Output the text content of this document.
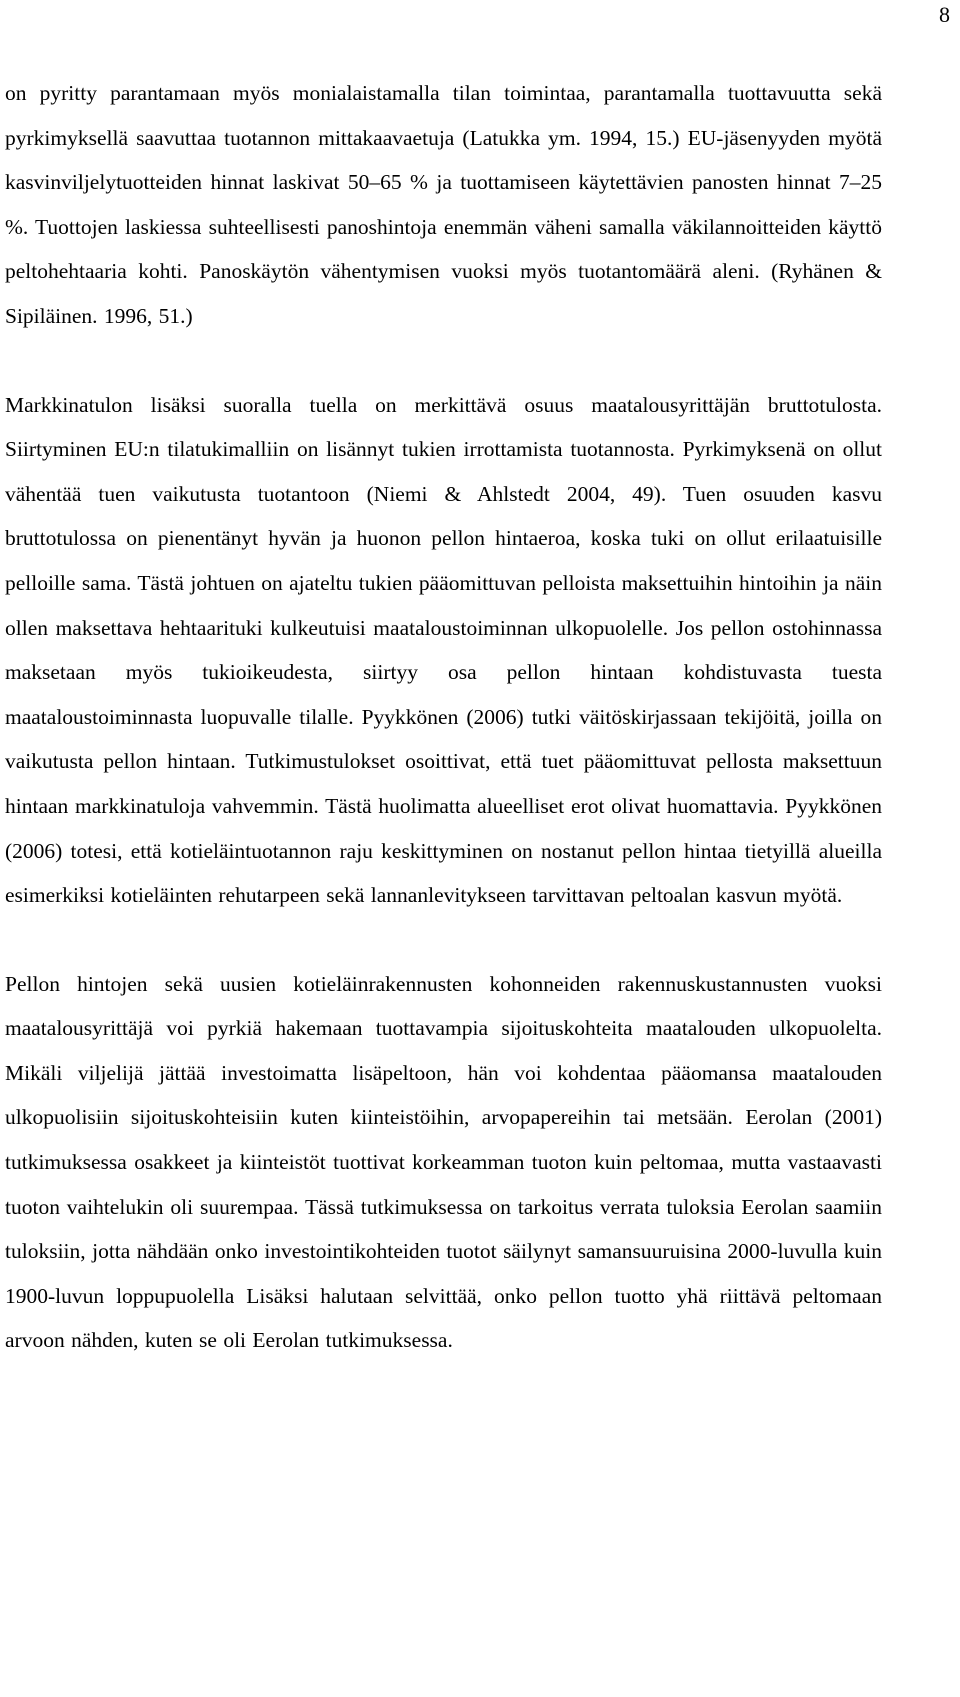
8

on pyritty parantamaan myös monialaistamalla tilan toimintaa, parantamalla tuottavuutta sekä pyrkimyksellä saavuttaa tuotannon mittakaavaetuja (Latukka ym. 1994, 15.) EU-jäsenyyden myötä kasvinviljelytuotteiden hinnat laskivat 50‒65 % ja tuottamiseen käytettävien panosten hinnat 7‒25 %. Tuottojen laskiessa suhteellisesti panoshintoja enemmän väheni samalla väkilannoitteiden käyttö peltohehtaaria kohti. Panoskäytön vähentymisen vuoksi myös tuotantomäärä aleni. (Ryhänen & Sipiläinen. 1996, 51.)

Markkinatulon lisäksi suoralla tuella on merkittävä osuus maatalousyrittäjän bruttotulosta. Siirtyminen EU:n tilatukimalliin on lisännyt tukien irrottamista tuotannosta. Pyrkimyksenä on ollut vähentää tuen vaikutusta tuotantoon (Niemi & Ahlstedt 2004, 49). Tuen osuuden kasvu bruttotulossa on pienentänyt hyvän ja huonon pellon hintaeroa, koska tuki on ollut erilaatuisille pelloille sama. Tästä johtuen on ajateltu tukien pääomittuvan pelloista maksettuihin hintoihin ja näin ollen maksettava hehtaarituki kulkeutuisi maataloustoiminnan ulkopuolelle. Jos pellon ostohinnassa maksetaan myös tukioikeudesta, siirtyy osa pellon hintaan kohdistuvasta tuesta maataloustoiminnasta luopuvalle tilalle. Pyykkönen (2006) tutki väitöskirjassaan tekijöitä, joilla on vaikutusta pellon hintaan. Tutkimustulokset osoittivat, että tuet pääomittuvat pellosta maksettuun hintaan markkinatuloja vahvemmin. Tästä huolimatta alueelliset erot olivat huomattavia. Pyykkönen (2006) totesi, että kotieläintuotannon raju keskittyminen on nostanut pellon hintaa tietyillä alueilla esimerkiksi kotieläinten rehutarpeen sekä lannanlevitykseen tarvittavan peltoalan kasvun myötä.

Pellon hintojen sekä uusien kotieläinrakennusten kohonneiden rakennuskustannusten vuoksi maatalousyrittäjä voi pyrkiä hakemaan tuottavampia sijoituskohteita maatalouden ulkopuolelta. Mikäli viljelijä jättää investoimatta lisäpeltoon, hän voi kohdentaa pääomansa maatalouden ulkopuolisiin sijoituskohteisiin kuten kiinteistöihin, arvopapereihin tai metsään. Eerolan (2001) tutkimuksessa osakkeet ja kiinteistöt tuottivat korkeamman tuoton kuin peltomaa, mutta vastaavasti tuoton vaihtelukin oli suurempaa. Tässä tutkimuksessa on tarkoitus verrata tuloksia Eerolan saamiin tuloksiin, jotta nähdään onko investointikohteiden tuotot säilynyt samansuuruisina 2000-luvulla kuin 1900-luvun loppupuolella Lisäksi halutaan selvittää, onko pellon tuotto yhä riittävä peltomaan arvoon nähden, kuten se oli Eerolan tutkimuksessa.
